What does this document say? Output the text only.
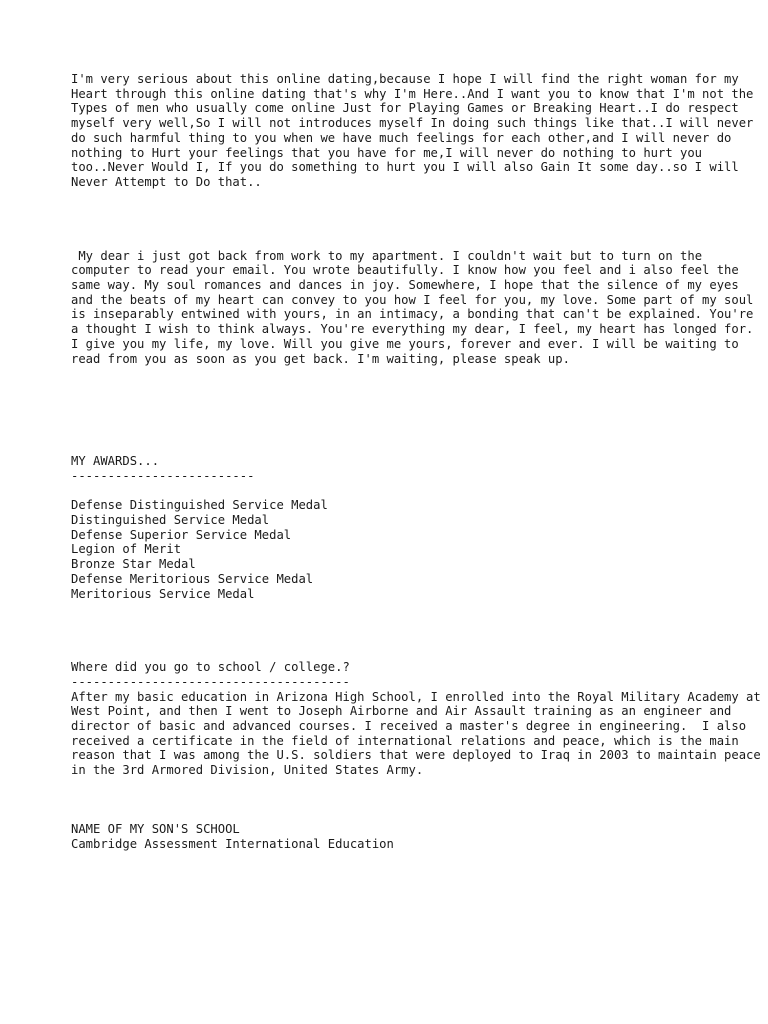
I'm very serious about this online dating,because I hope I will find the right woman for my Heart through this online dating that's why I'm Here..And I want you to know that I'm not the Types of men who usually come online Just for Playing Games or Breaking Heart..I do respect myself very well,So I will not introduces myself In doing such things like that..I will never do such harmful thing to you when we have much feelings for each other,and I will never do nothing to Hurt your feelings that you have for me,I will never do nothing to hurt you too..Never Would I, If you do something to hurt you I will also Gain It some day..so I will Never Attempt to Do that..

My dear i just got back from work to my apartment. I couldn't wait but to turn on the computer to read your email. You wrote beautifully. I know how you feel and i also feel the same way. My soul romances and dances in joy. Somewhere, I hope that the silence of my eyes and the beats of my heart can convey to you how I feel for you, my love. Some part of my soul is inseparably entwined with yours, in an intimacy, a bonding that can't be explained. You're a thought I wish to think always. You're everything my dear, I feel, my heart has longed for. I give you my life, my love. Will you give me yours, forever and ever. I will be waiting to read from you as soon as you get back. I'm waiting, please speak up.

MY AWARDS...
-------------------------
Defense Distinguished Service Medal
Distinguished Service Medal
Defense Superior Service Medal
Legion of Merit
Bronze Star Medal
Defense Meritorious Service Medal
Meritorious Service Medal
Where did you go to school / college.?
--------------------------------------

After my basic education in Arizona High School, I enrolled into the Royal Military Academy at West Point, and then I went to Joseph Airborne and Air Assault training as an engineer and director of basic and advanced courses. I received a master's degree in engineering.  I also received a certificate in the field of international relations and peace, which is the main reason that I was among the U.S. soldiers that were deployed to Iraq in 2003 to maintain peace in the 3rd Armored Division, United States Army.

NAME OF MY SON'S SCHOOL
Cambridge Assessment International Education
